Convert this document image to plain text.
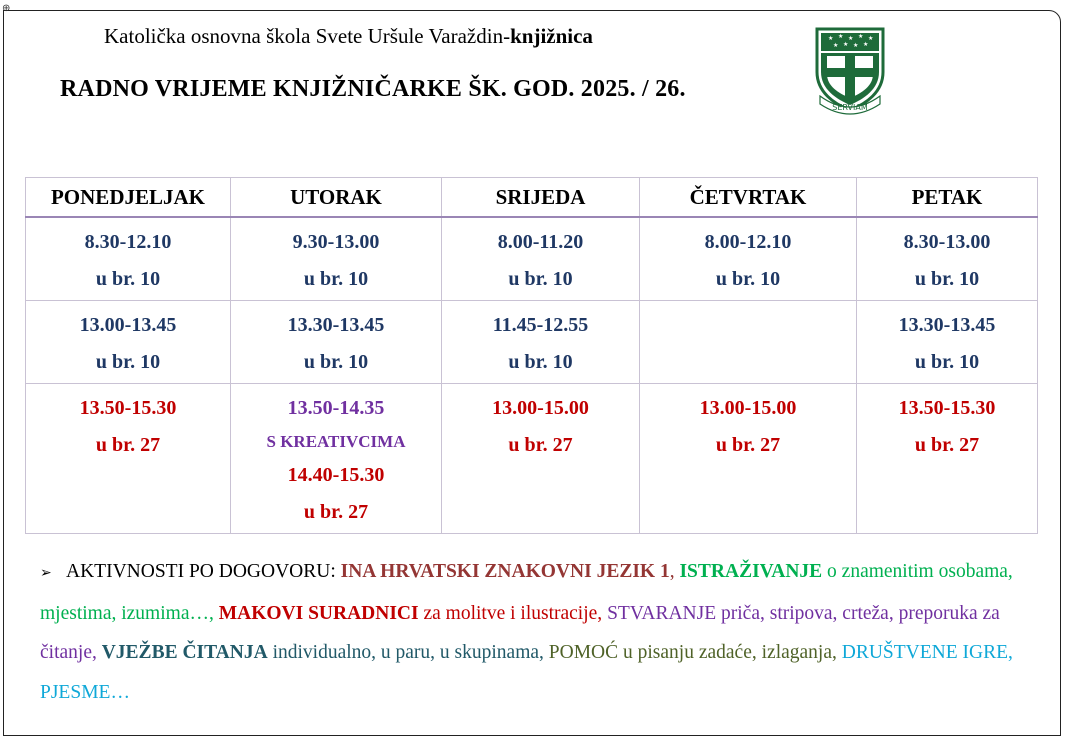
⊕
Katolička osnovna škola Svete Uršule Varaždin-knjižnica
RADNO VRIJEME KNJIŽNIČARKE ŠK. GOD. 2025. / 26.
★ ★ ★ ★ ★
★ ★ ★ ★
SERVIAM
PONEDJELJAK	UTORAK	SRIJEDA	ČETVRTAK	PETAK

8.30-12.10
u br. 10	9.30-13.00
u br. 10	8.00-11.20
u br. 10	8.00-12.10
u br. 10	8.30-13.00
u br. 10

13.00-13.45
u br. 10	13.30-13.45
u br. 10	11.45-12.55
u br. 10		13.30-13.45
u br. 10

13.50-15.30
u br. 27	13.50-14.35
S KREATIVCIMA
14.40-15.30
u br. 27	13.00-15.00
u br. 27	13.00-15.00
u br. 27	13.50-15.30
u br. 27
➢ AKTIVNOSTI PO DOGOVORU: INA HRVATSKI ZNAKOVNI JEZIK 1, ISTRAŽIVANJE o znamenitim osobama, mjestima, izumima…, MAKOVI SURADNICI za molitve i ilustracije, STVARANJE priča, stripova, crteža, preporuka za čitanje, VJEŽBE ČITANJA individualno, u paru, u skupinama, POMOĆ u pisanju zadaće, izlaganja, DRUŠTVENE IGRE, PJESME…
